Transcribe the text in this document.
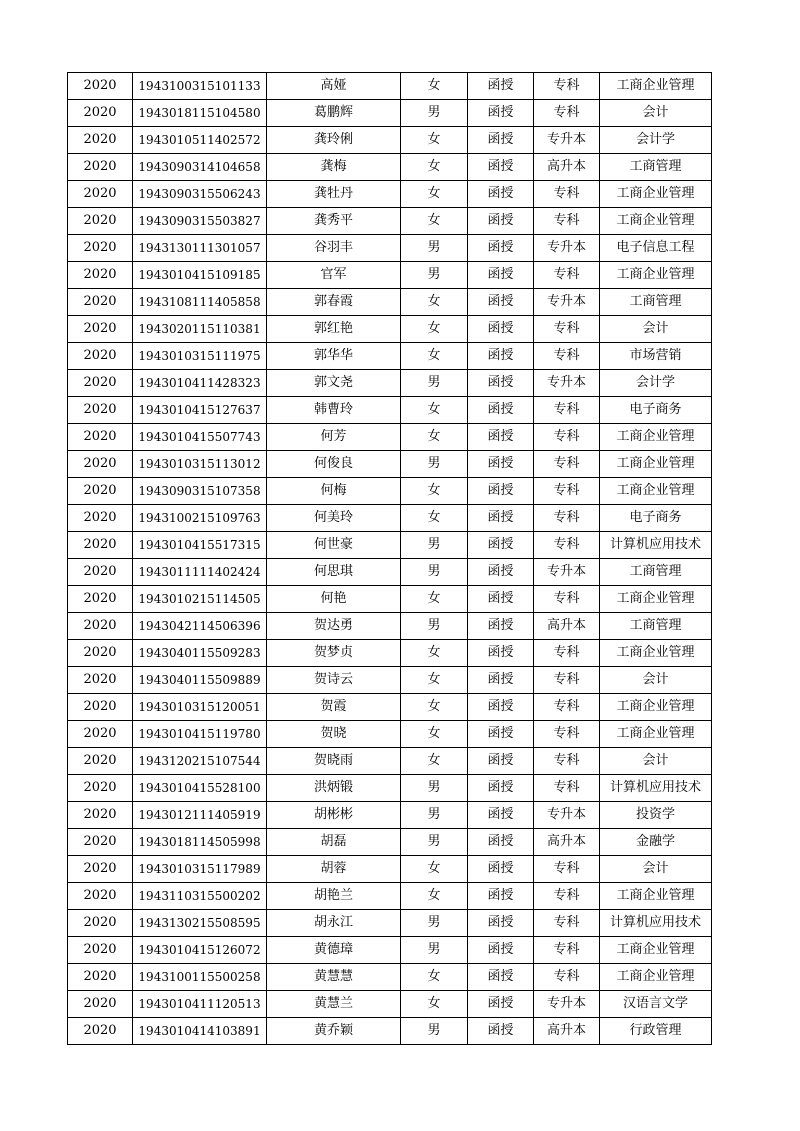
2020	1943100315101133	高娅	女	函授	专科	工商企业管理
2020	1943018115104580	葛鹏辉	男	函授	专科	会计
2020	1943010511402572	龚玲俐	女	函授	专升本	会计学
2020	1943090314104658	龚梅	女	函授	高升本	工商管理
2020	1943090315506243	龚牡丹	女	函授	专科	工商企业管理
2020	1943090315503827	龚秀平	女	函授	专科	工商企业管理
2020	1943130111301057	谷羽丰	男	函授	专升本	电子信息工程
2020	1943010415109185	官军	男	函授	专科	工商企业管理
2020	1943108111405858	郭春霞	女	函授	专升本	工商管理
2020	1943020115110381	郭红艳	女	函授	专科	会计
2020	1943010315111975	郭华华	女	函授	专科	市场营销
2020	1943010411428323	郭文尧	男	函授	专升本	会计学
2020	1943010415127637	韩曹玲	女	函授	专科	电子商务
2020	1943010415507743	何芳	女	函授	专科	工商企业管理
2020	1943010315113012	何俊良	男	函授	专科	工商企业管理
2020	1943090315107358	何梅	女	函授	专科	工商企业管理
2020	1943100215109763	何美玲	女	函授	专科	电子商务
2020	1943010415517315	何世豪	男	函授	专科	计算机应用技术
2020	1943011111402424	何思琪	男	函授	专升本	工商管理
2020	1943010215114505	何艳	女	函授	专科	工商企业管理
2020	1943042114506396	贺达勇	男	函授	高升本	工商管理
2020	1943040115509283	贺梦贞	女	函授	专科	工商企业管理
2020	1943040115509889	贺诗云	女	函授	专科	会计
2020	1943010315120051	贺霞	女	函授	专科	工商企业管理
2020	1943010415119780	贺晓	女	函授	专科	工商企业管理
2020	1943120215107544	贺晓雨	女	函授	专科	会计
2020	1943010415528100	洪炳锻	男	函授	专科	计算机应用技术
2020	1943012111405919	胡彬彬	男	函授	专升本	投资学
2020	1943018114505998	胡磊	男	函授	高升本	金融学
2020	1943010315117989	胡蓉	女	函授	专科	会计
2020	1943110315500202	胡艳兰	女	函授	专科	工商企业管理
2020	1943130215508595	胡永江	男	函授	专科	计算机应用技术
2020	1943010415126072	黄德璋	男	函授	专科	工商企业管理
2020	1943100115500258	黄慧慧	女	函授	专科	工商企业管理
2020	1943010411120513	黄慧兰	女	函授	专升本	汉语言文学
2020	1943010414103891	黄乔颖	男	函授	高升本	行政管理
